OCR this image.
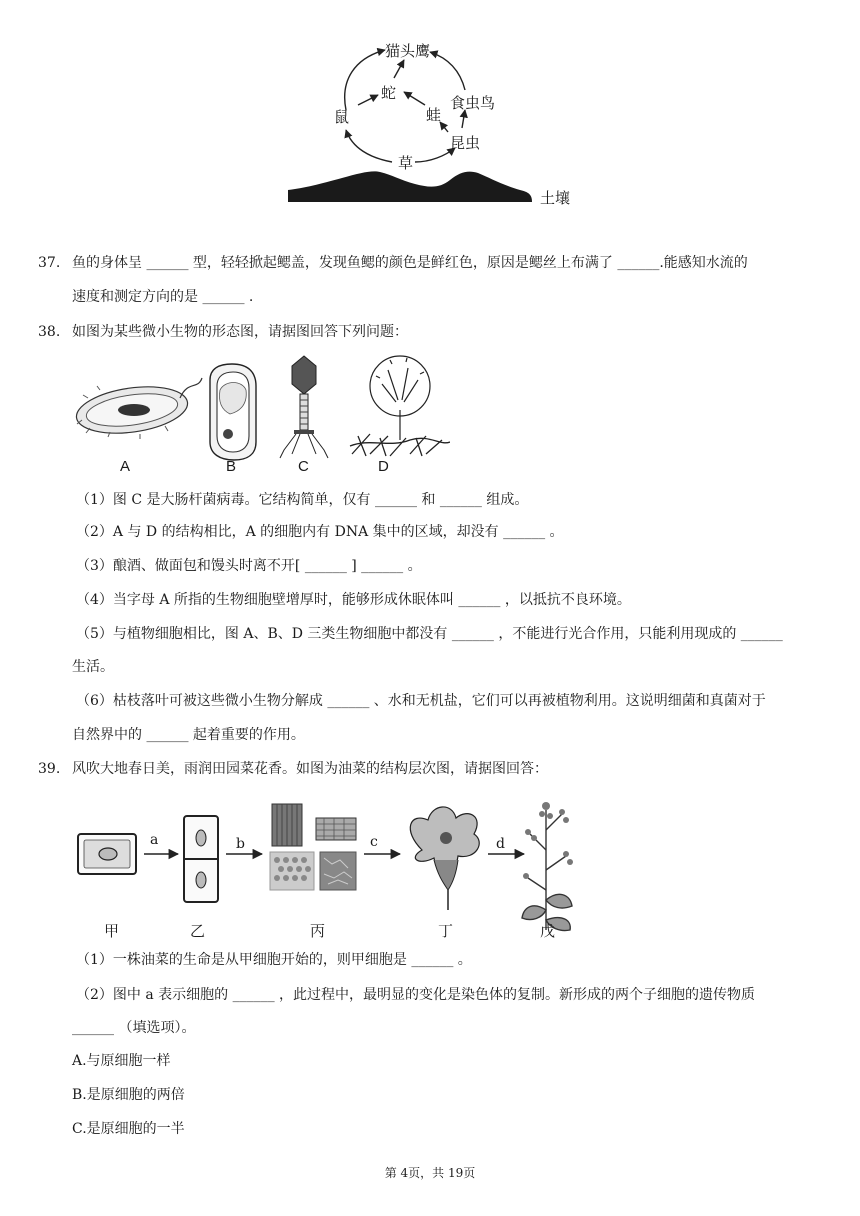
猫头鹰
蛇
鼠	蛙
食虫鸟
昆虫
草
土壤
37. 鱼的身体呈 ______ 型，轻轻掀起鳃盖，发现鱼鳃的颜色是鲜红色，原因是鳃丝上布满了 ______.能感知水流的
速度和测定方向的是 ______ .
38. 如图为某些微小生物的形态图，请据图回答下列问题：
A	B	C	D
（1）图 C 是大肠杆菌病毒。它结构简单，仅有 ______ 和 ______ 组成。
（2）A 与 D 的结构相比，A 的细胞内有 DNA 集中的区域，却没有 ______ 。
（3）酿酒、做面包和馒头时离不开[ ______ ] ______ 。
（4）当字母 A 所指的生物细胞壁增厚时，能够形成休眠体叫 ______ ，以抵抗不良环境。
（5）与植物细胞相比，图 A、B、D 三类生物细胞中都没有 ______ ，不能进行光合作用，只能利用现成的 ______
生活。
（6）枯枝落叶可被这些微小生物分解成 ______ 、水和无机盐，它们可以再被植物利用。这说明细菌和真菌对于
自然界中的 ______ 起着重要的作用。
39. 风吹大地春日美，雨润田园菜花香。如图为油菜的结构层次图，请据图回答：
a	b	c	d
甲	乙	丙	丁	戊
（1）一株油菜的生命是从甲细胞开始的，则甲细胞是 ______ 。
（2）图中 a 表示细胞的 ______ ，此过程中，最明显的变化是染色体的复制。新形成的两个子细胞的遗传物质
______ （填选项）。
A.与原细胞一样
B.是原细胞的两倍
C.是原细胞的一半
第 4页，共 19页
